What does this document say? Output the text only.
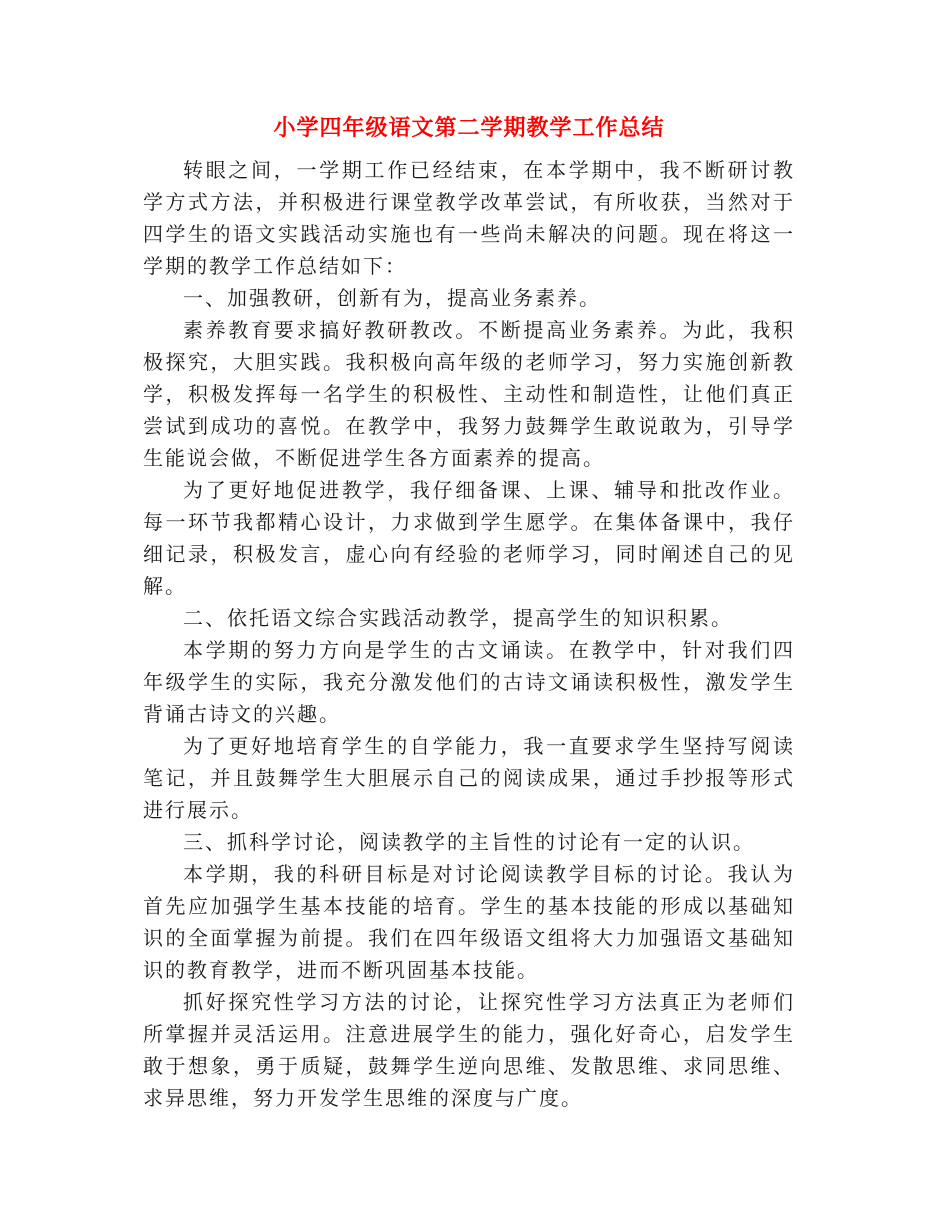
小学四年级语文第二学期教学工作总结

转眼之间，一学期工作已经结束，在本学期中，我不断研讨教学方式方法，并积极进行课堂教学改革尝试，有所收获，当然对于四学生的语文实践活动实施也有一些尚未解决的问题。现在将这一学期的教学工作总结如下：

一、加强教研，创新有为，提高业务素养。

素养教育要求搞好教研教改。不断提高业务素养。为此，我积极探究，大胆实践。我积极向高年级的老师学习，努力实施创新教学，积极发挥每一名学生的积极性、主动性和制造性，让他们真正尝试到成功的喜悦。在教学中，我努力鼓舞学生敢说敢为，引导学生能说会做，不断促进学生各方面素养的提高。

为了更好地促进教学，我仔细备课、上课、辅导和批改作业。每一环节我都精心设计，力求做到学生愿学。在集体备课中，我仔细记录，积极发言，虚心向有经验的老师学习，同时阐述自己的见解。

二、依托语文综合实践活动教学，提高学生的知识积累。

本学期的努力方向是学生的古文诵读。在教学中，针对我们四年级学生的实际，我充分激发他们的古诗文诵读积极性，激发学生背诵古诗文的兴趣。

为了更好地培育学生的自学能力，我一直要求学生坚持写阅读笔记，并且鼓舞学生大胆展示自己的阅读成果，通过手抄报等形式进行展示。

三、抓科学讨论，阅读教学的主旨性的讨论有一定的认识。

本学期，我的科研目标是对讨论阅读教学目标的讨论。我认为首先应加强学生基本技能的培育。学生的基本技能的形成以基础知识的全面掌握为前提。我们在四年级语文组将大力加强语文基础知识的教育教学，进而不断巩固基本技能。

抓好探究性学习方法的讨论，让探究性学习方法真正为老师们所掌握并灵活运用。注意进展学生的能力，强化好奇心，启发学生敢于想象，勇于质疑，鼓舞学生逆向思维、发散思维、求同思维、求异思维，努力开发学生思维的深度与广度。
